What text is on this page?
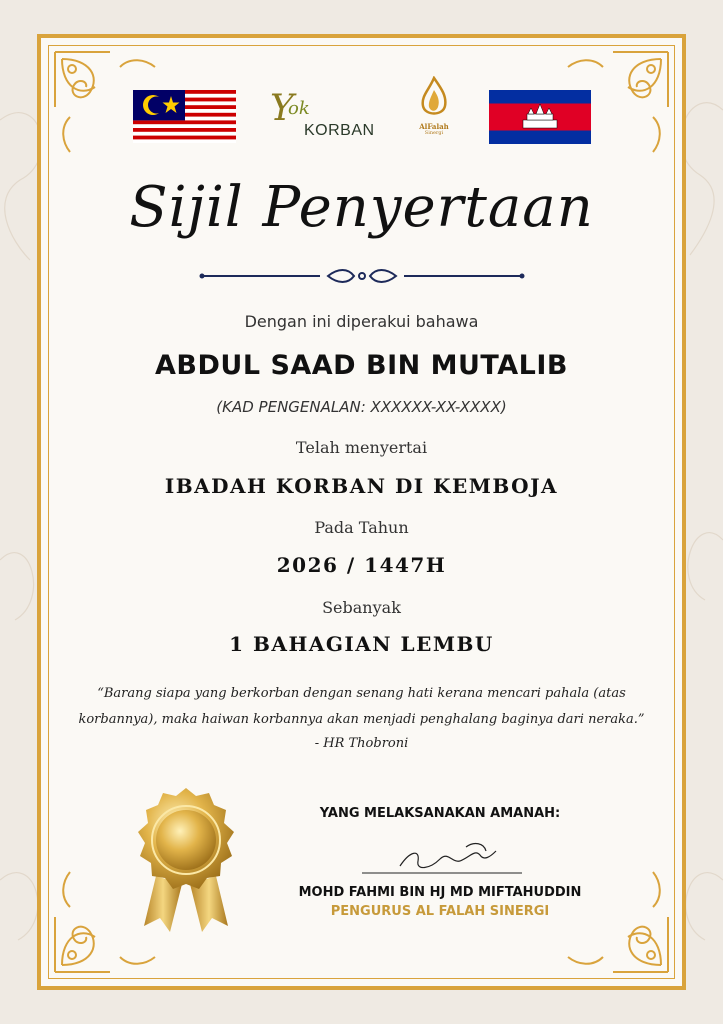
Y
ok
KORBAN	AlFalah
Sinergi
Sijil Penyertaan
Dengan ini diperakui bahawa
ABDUL SAAD BIN MUTALIB
(KAD PENGENALAN: XXXXXX-XX-XXXX)
Telah menyertai
IBADAH KORBAN DI KEMBOJA
Pada Tahun
2026 / 1447H
Sebanyak
1 BAHAGIAN LEMBU
“Barang siapa yang berkorban dengan senang hati kerana mencari pahala (atas
korbannya), maka haiwan korbannya akan menjadi penghalang baginya dari neraka.”
- HR Thobroni
YANG MELAKSANAKAN AMANAH:
MOHD FAHMI BIN HJ MD MIFTAHUDDIN
PENGURUS AL FALAH SINERGI
